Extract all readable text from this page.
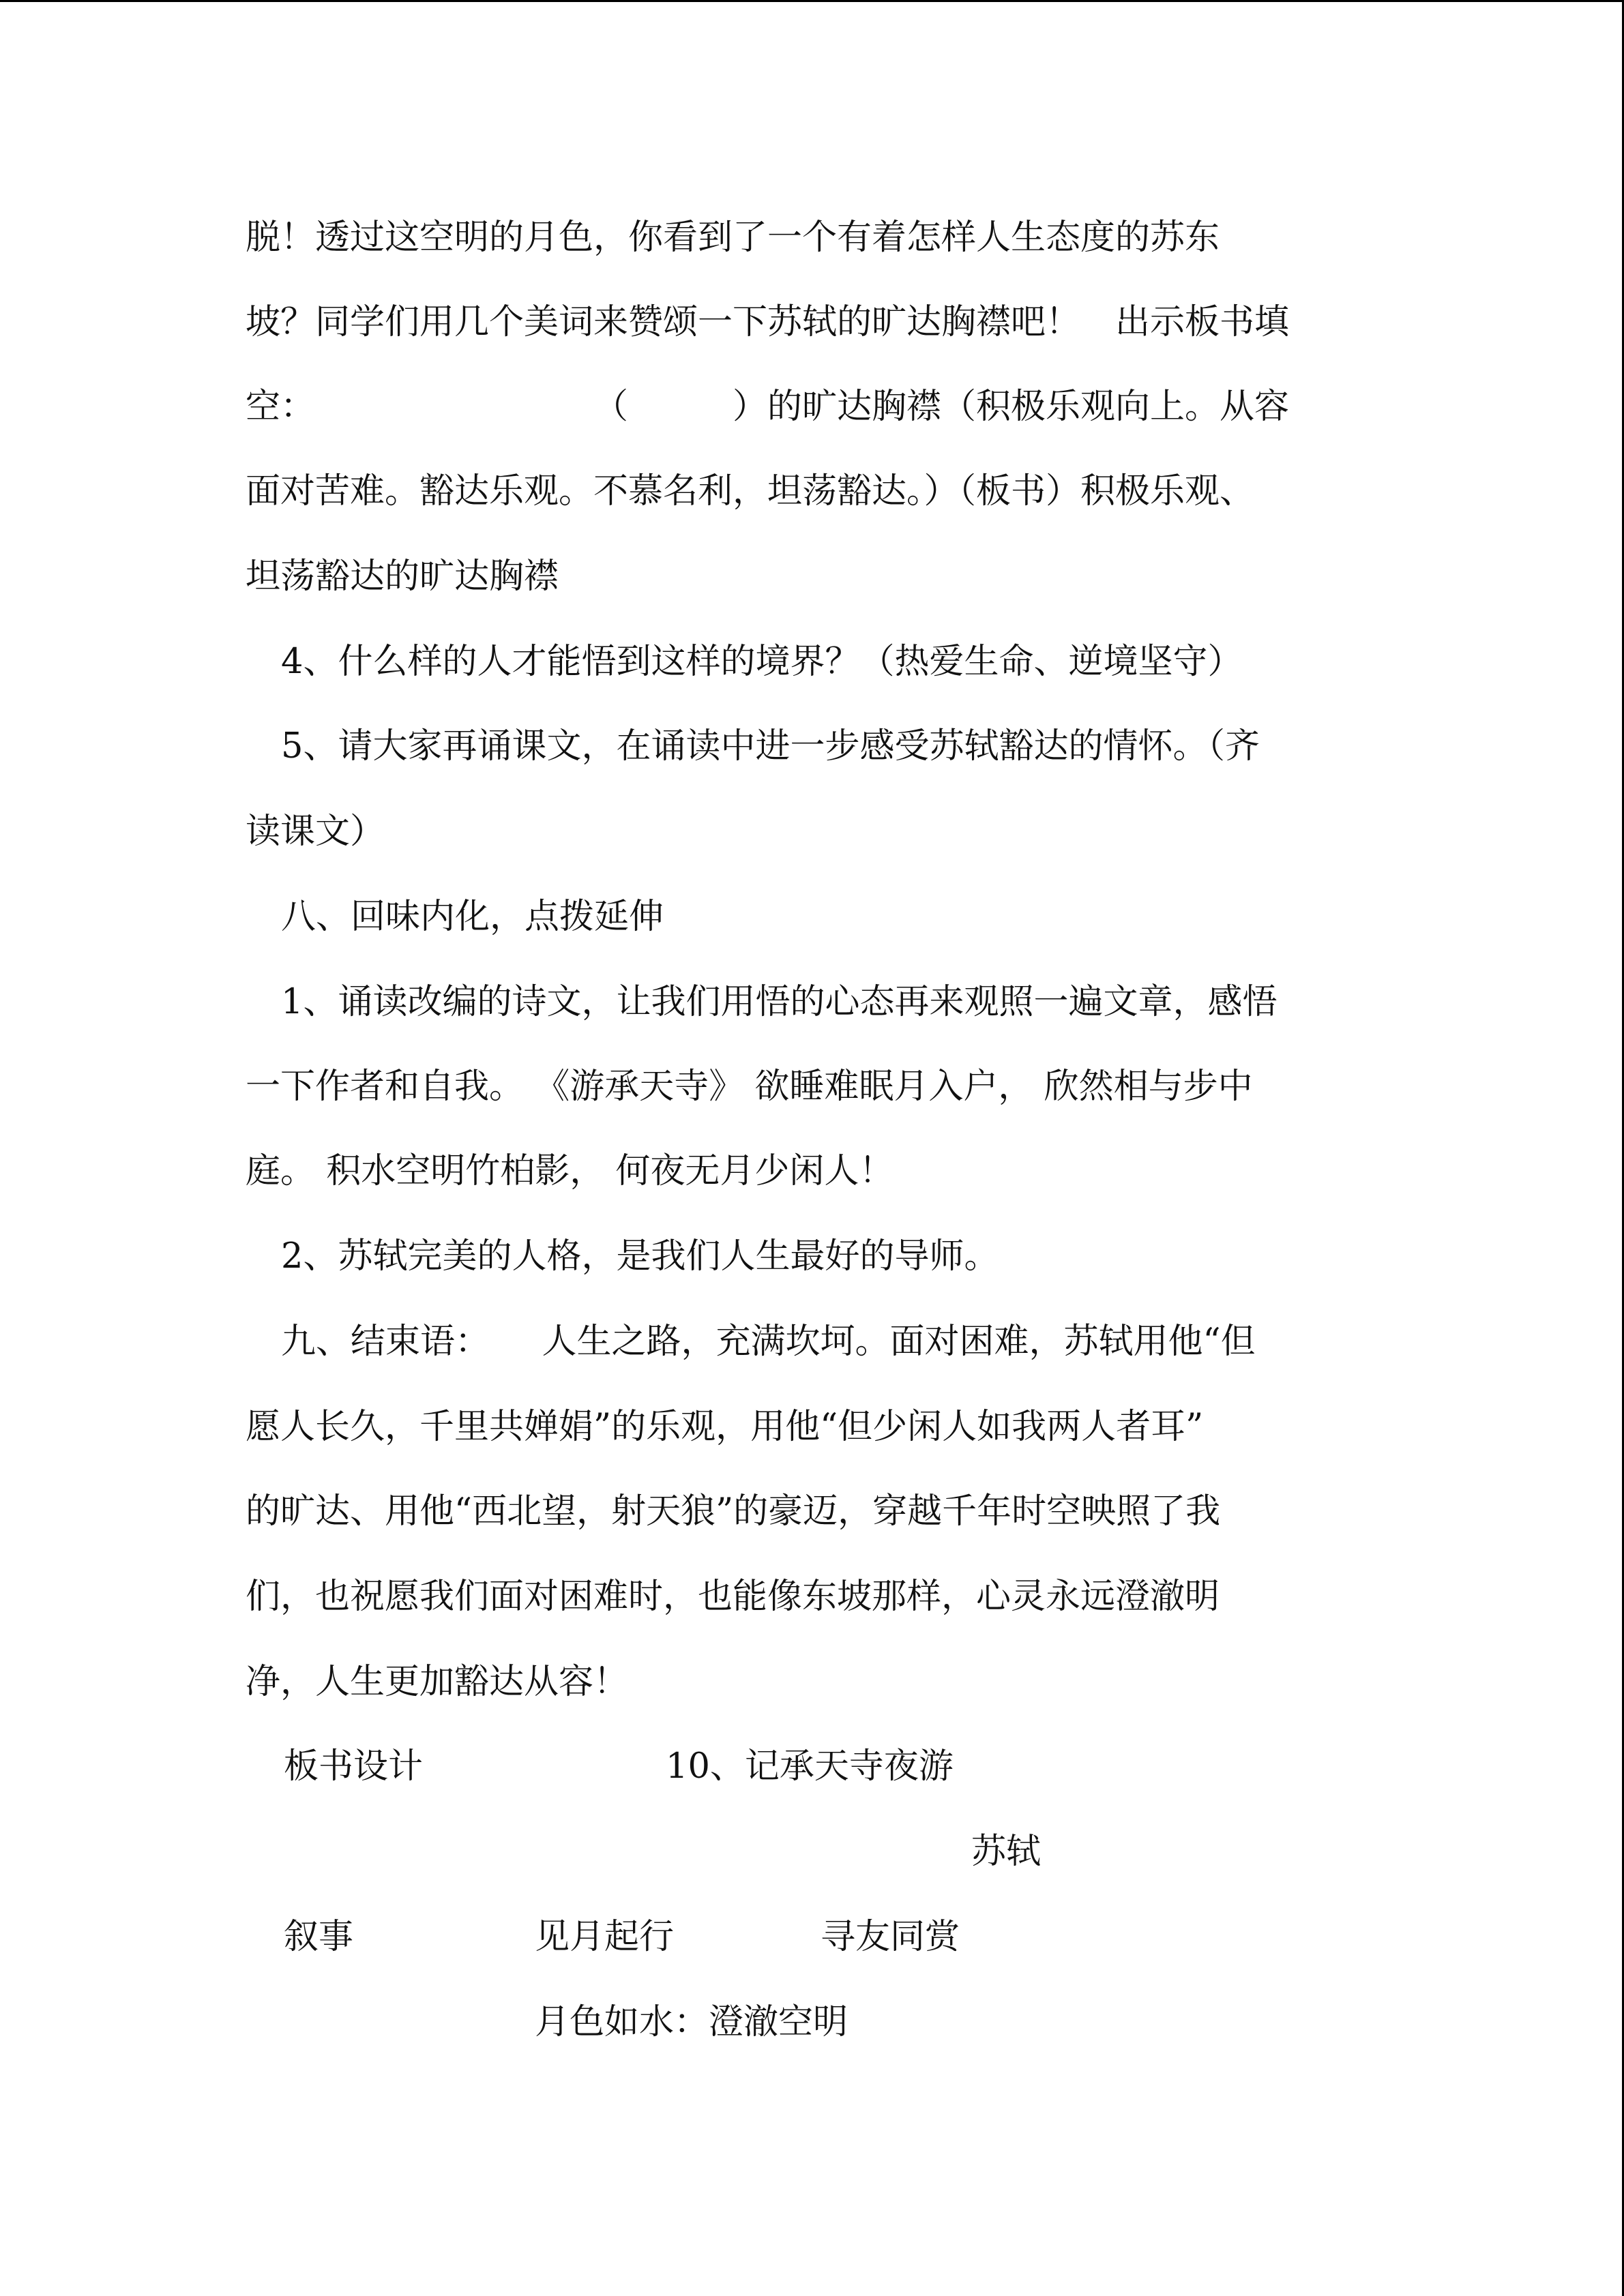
脱！透过这空明的月色，你看到了一个有着怎样人生态度的苏东
坡？同学们用几个美词来赞颂一下苏轼的旷达胸襟吧！　出示板书填
空：　　　　　　　　　（　　　）的旷达胸襟（积极乐观向上。从容
面对苦难。豁达乐观。不慕名利，坦荡豁达。）（板书）积极乐观、
坦荡豁达的旷达胸襟
4、什么样的人才能悟到这样的境界？（热爱生命、逆境坚守）
5、请大家再诵课文，在诵读中进一步感受苏轼豁达的情怀。（齐
读课文）
八、回味内化，点拨延伸
1、诵读改编的诗文，让我们用悟的心态再来观照一遍文章，感悟
一下作者和自我。 《游承天寺》 欲睡难眠月入户， 欣然相与步中
庭。 积水空明竹柏影， 何夜无月少闲人！
2、苏轼完美的人格，是我们人生最好的导师。
九、结束语：　　人生之路，充满坎坷。面对困难，苏轼用他“但
愿人长久，千里共婵娟”的乐观，用他“但少闲人如我两人者耳”
的旷达、用他“西北望，射天狼”的豪迈，穿越千年时空映照了我
们，也祝愿我们面对困难时，也能像东坡那样，心灵永远澄澈明
净，人生更加豁达从容！
板书设计	10、记承天寺夜游
苏轼
叙事	见月起行	寻友同赏
月色如水：澄澈空明
